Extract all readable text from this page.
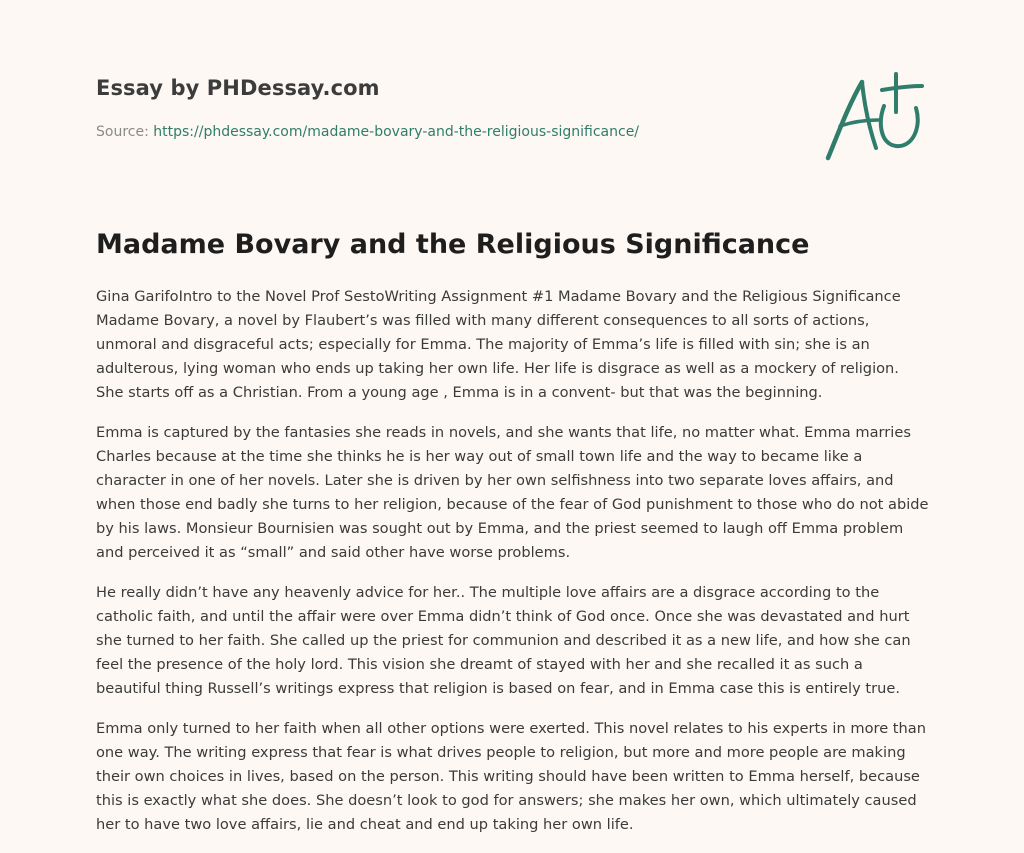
Essay by PHDessay.com
Source: https://phdessay.com/madame-bovary-and-the-religious-significance/
Madame Bovary and the Religious Significance

Gina GarifoIntro to the Novel Prof SestoWriting Assignment #1 Madame Bovary and the Religious Significance Madame Bovary, a novel by Flaubert’s was filled with many different consequences to all sorts of actions, unmoral and disgraceful acts; especially for Emma. The majority of Emma’s life is filled with sin; she is an adulterous, lying woman who ends up taking her own life. Her life is disgrace as well as a mockery of religion. She starts off as a Christian. From a young age , Emma is in a convent- but that was the beginning.

Emma is captured by the fantasies she reads in novels, and she wants that life, no matter what. Emma marries Charles because at the time she thinks he is her way out of small town life and the way to became like a character in one of her novels. Later she is driven by her own selfishness into two separate loves affairs, and when those end badly she turns to her religion, because of the fear of God punishment to those who do not abide by his laws. Monsieur Bournisien was sought out by Emma, and the priest seemed to laugh off Emma problem and perceived it as “small” and said other have worse problems.

He really didn’t have any heavenly advice for her.. The multiple love affairs are a disgrace according to the catholic faith, and until the affair were over Emma didn’t think of God once. Once she was devastated and hurt she turned to her faith. She called up the priest for communion and described it as a new life, and how she can feel the presence of the holy lord. This vision she dreamt of stayed with her and she recalled it as such a beautiful thing Russell’s writings express that religion is based on fear, and in Emma case this is entirely true.

Emma only turned to her faith when all other options were exerted. This novel relates to his experts in more than one way. The writing express that fear is what drives people to religion, but more and more people are making their own choices in lives, based on the person. This writing should have been written to Emma herself, because this is exactly what she does. She doesn’t look to god for answers; she makes her own, which ultimately caused her to have two love affairs, lie and cheat and end up taking her own life.
